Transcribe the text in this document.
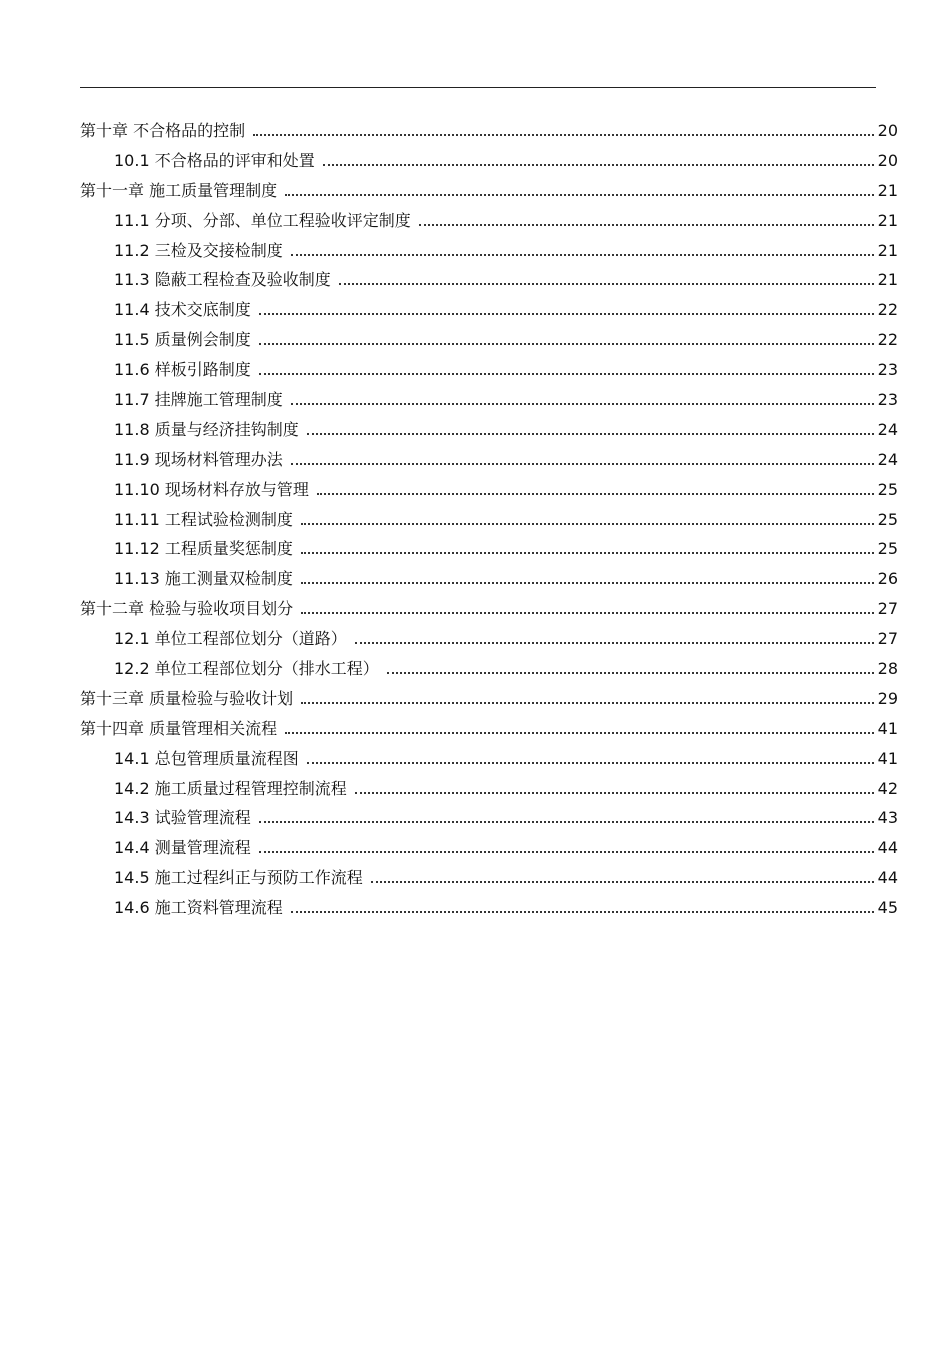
第十章 不合格品的控制	20
10.1 不合格品的评审和处置	20
第十一章 施工质量管理制度	21
11.1 分项、分部、单位工程验收评定制度	21
11.2 三检及交接检制度	21
11.3 隐蔽工程检查及验收制度	21
11.4 技术交底制度	22
11.5 质量例会制度	22
11.6 样板引路制度	23
11.7 挂牌施工管理制度	23
11.8 质量与经济挂钩制度	24
11.9 现场材料管理办法	24
11.10 现场材料存放与管理	25
11.11 工程试验检测制度	25
11.12 工程质量奖惩制度	25
11.13 施工测量双检制度	26
第十二章 检验与验收项目划分	27
12.1 单位工程部位划分（道路）	27
12.2 单位工程部位划分（排水工程）	28
第十三章 质量检验与验收计划	29
第十四章 质量管理相关流程	41
14.1 总包管理质量流程图	41
14.2 施工质量过程管理控制流程	42
14.3 试验管理流程	43
14.4 测量管理流程	44
14.5 施工过程纠正与预防工作流程	44
14.6 施工资料管理流程	45
